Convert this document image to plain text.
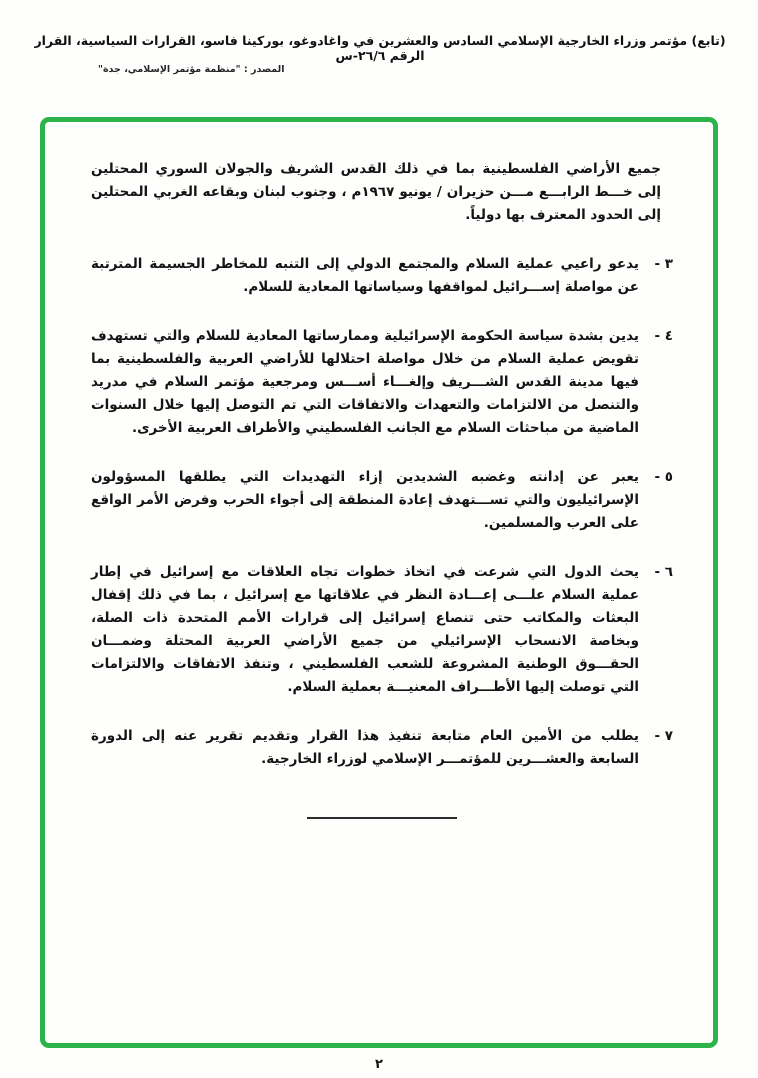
(تابع) مؤتمر وزراء الخارجية الإسلامي السادس والعشرين في واغادوغو، بوركينا فاسو، القرارات السياسية، القرار الرقم ٢٦/٦-س
المصدر : "منظمة مؤتمر الإسلامي، جدة"

جميع الأراضي الفلسطينية بما في ذلك القدس الشريف والجولان السوري المحتلين إلى خـــط الرابـــع مـــن حزيران / يونيو ١٩٦٧م ، وجنوب لبنان وبقاعه الغربي المحتلين إلى الحدود المعترف بها دولياً.

٣ -

يدعو راعيي عملية السلام والمجتمع الدولي إلى التنبه للمخاطر الجسيمة المترتبة عن مواصلة إســـرائيل لمواقفها وسياساتها المعادية للسلام.

٤ -

يدين بشدة سياسة الحكومة الإسرائيلية وممارساتها المعادية للسلام والتي تستهدف تقويض عملية السلام من خلال مواصلة احتلالها للأراضي العربية والفلسطينية بما فيها مدينة القدس الشـــريف وإلغـــاء أســـس ومرجعية مؤتمر السلام في مدريد والتنصل من الالتزامات والتعهدات والاتفاقات التي تم التوصل إليها خلال السنوات الماضية من مباحثات السلام مع الجانب الفلسطيني والأطراف العربية الأخرى.

٥ -

يعبر عن إدانته وغضبه الشديدين إزاء التهديدات التي يطلقها المسؤولون الإسرائيليون والتي تســـتهدف إعادة المنطقة إلى أجواء الحرب وفرض الأمر الواقع على العرب والمسلمين.

٦ -

يحث الدول التي شرعت في اتخاذ خطوات تجاه العلاقات مع إسرائيل في إطار عملية السلام علـــى إعـــادة النظر في علاقاتها مع إسرائيل ، بما في ذلك إقفال البعثات والمكاتب حتى تنصاع إسرائيل إلى قرارات الأمم المتحدة ذات الصلة، وبخاصة الانسحاب الإسرائيلي من جميع الأراضي العربية المحتلة وضمـــان الحقـــوق الوطنية المشروعة للشعب الفلسطيني ، وتنفذ الاتفاقات والالتزامات التي توصلت إليها الأطـــراف المعنيـــة بعملية السلام.

٧ -

يطلب من الأمين العام متابعة تنفيذ هذا القرار وتقديم تقرير عنه إلى الدورة السابعة والعشـــرين للمؤتمـــر الإسلامي لوزراء الخارجية.

٢
